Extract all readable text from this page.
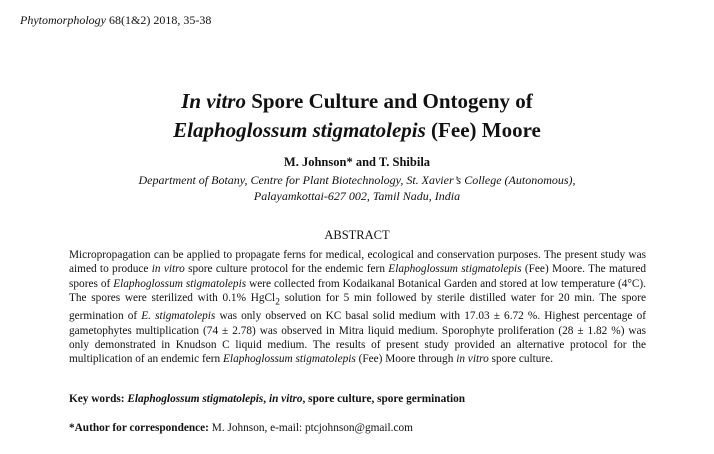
Phytomorphology 68(1&2) 2018, 35-38
In vitro Spore Culture and Ontogeny of
Elaphoglossum stigmatolepis (Fee) Moore
M. Johnson* and T. Shibila
Department of Botany, Centre for Plant Biotechnology, St. Xavier’s College (Autonomous),
Palayamkottai-627 002, Tamil Nadu, India
ABSTRACT

Micropropagation can be applied to propagate ferns for medical, ecological and conservation purposes. The present study was aimed to produce in vitro spore culture protocol for the endemic fern Elaphoglossum stigmatolepis (Fee) Moore. The matured spores of Elaphoglossum stigmatolepis were collected from Kodaikanal Botanical Garden and stored at low temperature (4°C). The spores were sterilized with 0.1% HgCl$_2$ solution for 5 min followed by sterile distilled water for 20 min. The spore germination of E. stigmatolepis was only observed on KC basal solid medium with 17.03 ± 6.72 %. Highest percentage of gametophytes multiplication (74 ± 2.78) was observed in Mitra liquid medium. Sporophyte proliferation (28 ± 1.82 %) was only demonstrated in Knudson C liquid medium. The results of present study provided an alternative protocol for the multiplication of an endemic fern Elaphoglossum stigmatolepis (Fee) Moore through in vitro spore culture.

Key words: Elaphoglossum stigmatolepis, in vitro, spore culture, spore germination
*Author for correspondence: M. Johnson, e-mail: ptcjohnson@gmail.com
